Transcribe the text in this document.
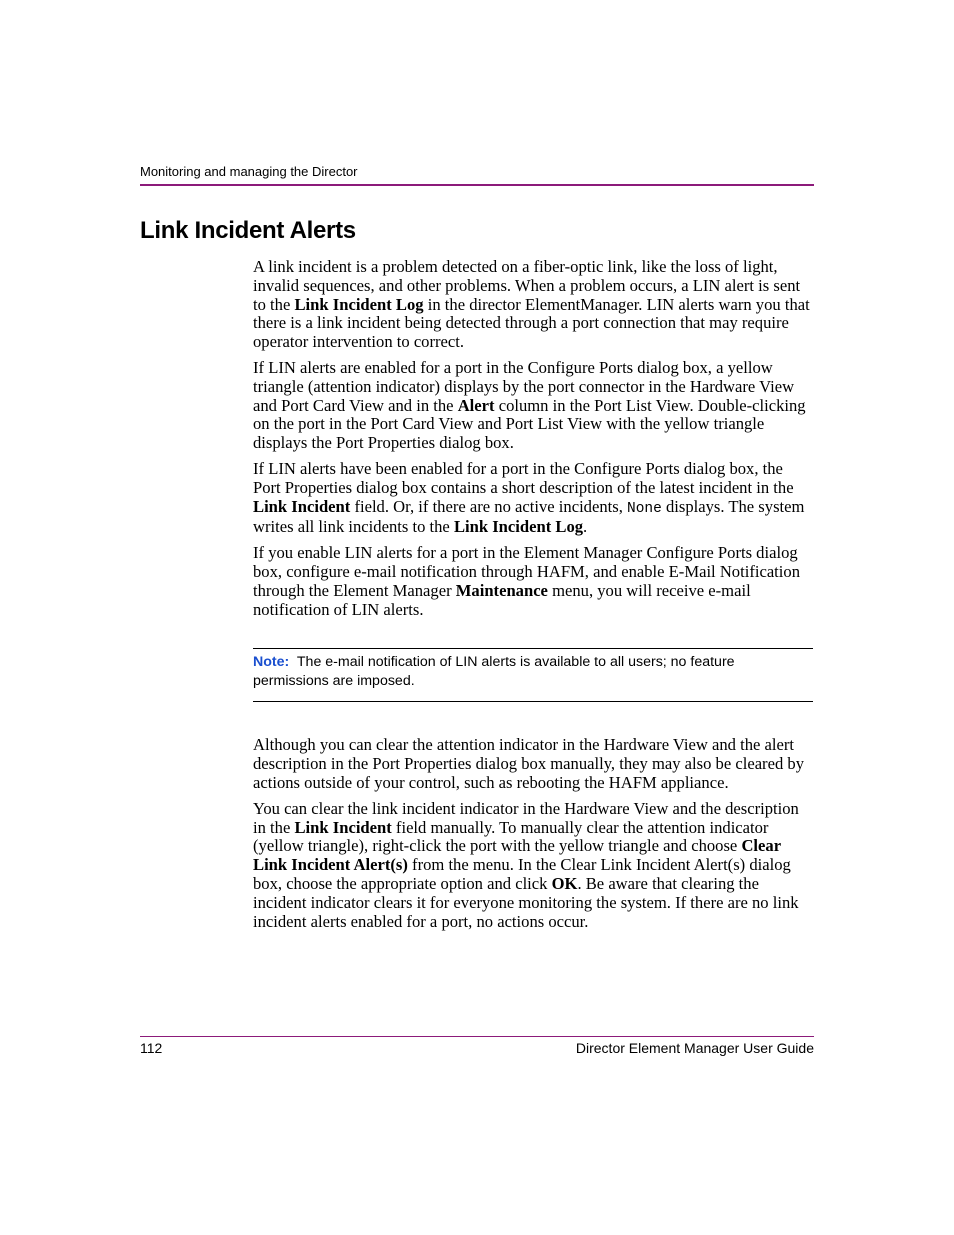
Monitoring and managing the Director
Link Incident Alerts

A link incident is a problem detected on a fiber-optic link, like the loss of light, invalid sequences, and other problems. When a problem occurs, a LIN alert is sent to the Link Incident Log in the director ElementManager. LIN alerts warn you that there is a link incident being detected through a port connection that may require operator intervention to correct.

If LIN alerts are enabled for a port in the Configure Ports dialog box, a yellow triangle (attention indicator) displays by the port connector in the Hardware View and Port Card View and in the Alert column in the Port List View. Double-clicking on the port in the Port Card View and Port List View with the yellow triangle displays the Port Properties dialog box.

If LIN alerts have been enabled for a port in the Configure Ports dialog box, the Port Properties dialog box contains a short description of the latest incident in the Link Incident field. Or, if there are no active incidents, None displays. The system writes all link incidents to the Link Incident Log.

If you enable LIN alerts for a port in the Element Manager Configure Ports dialog box, configure e-mail notification through HAFM, and enable E-Mail Notification through the Element Manager Maintenance menu, you will receive e-mail notification of LIN alerts.

Note:  The e-mail notification of LIN alerts is available to all users; no feature permissions are imposed.

Although you can clear the attention indicator in the Hardware View and the alert description in the Port Properties dialog box manually, they may also be cleared by actions outside of your control, such as rebooting the HAFM appliance.

You can clear the link incident indicator in the Hardware View and the description in the Link Incident field manually. To manually clear the attention indicator (yellow triangle), right-click the port with the yellow triangle and choose Clear Link Incident Alert(s) from the menu. In the Clear Link Incident Alert(s) dialog box, choose the appropriate option and click OK. Be aware that clearing the incident indicator clears it for everyone monitoring the system. If there are no link incident alerts enabled for a port, no actions occur.

112	Director Element Manager User Guide
